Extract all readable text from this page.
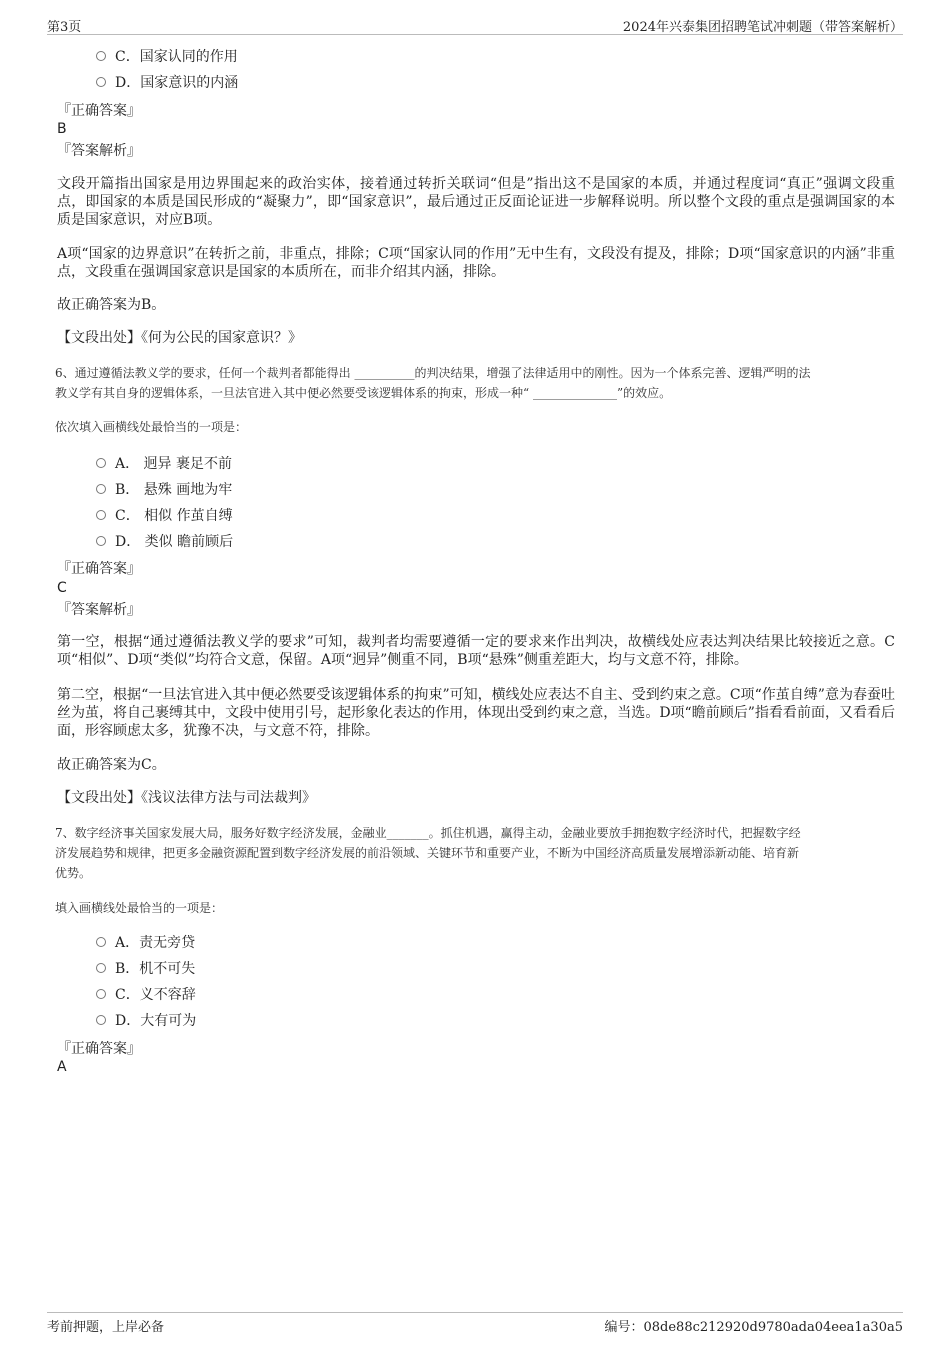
第3页	2024年兴泰集团招聘笔试冲刺题（带答案解析）
C．国家认同的作用
D．国家意识的内涵
『正确答案』
B
『答案解析』
文段开篇指出国家是用边界围起来的政治实体，接着通过转折关联词“但是”指出这不是国家的本质，并通过程度词“真正”强调文段重点，即国家的本质是国民形成的“凝聚力”，即“国家意识”，最后通过正反面论证进一步解释说明。所以整个文段的重点是强调国家的本质是国家意识，对应B项。
A项“国家的边界意识”在转折之前，非重点，排除；C项“国家认同的作用”无中生有，文段没有提及，排除；D项“国家意识的内涵”非重点，文段重在强调国家意识是国家的本质所在，而非介绍其内涵，排除。
故正确答案为B。
【文段出处】《何为公民的国家意识？》
6、通过遵循法教义学的要求，任何一个裁判者都能得出 __________的判决结果，增强了法律适用中的刚性。因为一个体系完善、逻辑严明的法
教义学有其自身的逻辑体系，一旦法官进入其中便必然要受该逻辑体系的拘束，形成一种“ ______________”的效应。
依次填入画横线处最恰当的一项是：
A． 迥异 裹足不前
B． 悬殊 画地为牢
C． 相似 作茧自缚
D． 类似 瞻前顾后
『正确答案』
C
『答案解析』
第一空，根据“通过遵循法教义学的要求”可知，裁判者均需要遵循一定的要求来作出判决，故横线处应表达判决结果比较接近之意。C项“相似”、D项“类似”均符合文意，保留。A项“迥异”侧重不同，B项“悬殊”侧重差距大，均与文意不符，排除。
第二空，根据“一旦法官进入其中便必然要受该逻辑体系的拘束”可知，横线处应表达不自主、受到约束之意。C项“作茧自缚”意为春蚕吐丝为茧，将自己裹缚其中，文段中使用引号，起形象化表达的作用，体现出受到约束之意，当选。D项“瞻前顾后”指看看前面，又看看后面，形容顾虑太多，犹豫不决，与文意不符，排除。
故正确答案为C。
【文段出处】《浅议法律方法与司法裁判》
7、数字经济事关国家发展大局，服务好数字经济发展，金融业_______。抓住机遇，赢得主动，金融业要放手拥抱数字经济时代，把握数字经
济发展趋势和规律，把更多金融资源配置到数字经济发展的前沿领域、关键环节和重要产业，不断为中国经济高质量发展增添新动能、培育新
优势。
填入画横线处最恰当的一项是：
A．责无旁贷
B．机不可失
C．义不容辞
D．大有可为
『正确答案』
A
考前押题，上岸必备	编号：08de88c212920d9780ada04eea1a30a5
